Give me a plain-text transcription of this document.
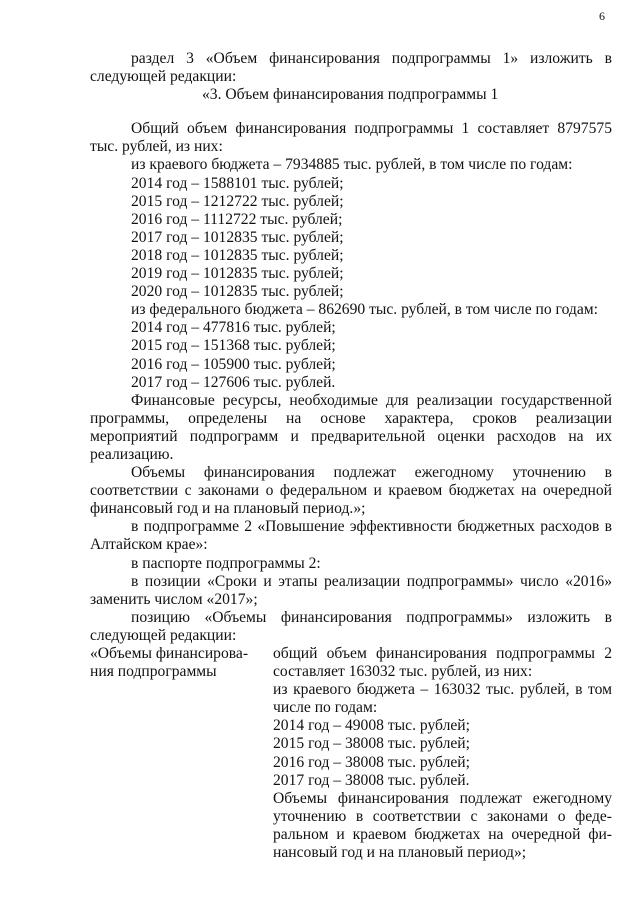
6

раздел 3 «Объем финансирования подпрограммы 1» изложить в следующей редакции:

«3. Объем финансирования подпрограммы 1

Общий объем финансирования подпрограммы 1 составляет 8797575 тыс. рублей, из них:

из краевого бюджета – 7934885 тыс. рублей, в том числе по годам:

2014 год – 1588101 тыс. рублей;

2015 год – 1212722 тыс. рублей;

2016 год – 1112722 тыс. рублей;

2017 год – 1012835 тыс. рублей;

2018 год – 1012835 тыс. рублей;

2019 год – 1012835 тыс. рублей;

2020 год – 1012835 тыс. рублей;

из федерального бюджета – 862690 тыс. рублей, в том числе по годам:

2014 год – 477816 тыс. рублей;

2015 год – 151368 тыс. рублей;

2016 год – 105900 тыс. рублей;

2017 год – 127606 тыс. рублей.

Финансовые ресурсы, необходимые для реализации государственной программы, определены на основе характера, сроков реализации мероприятий подпрограмм и предварительной оценки расходов на их реализацию.

Объемы финансирования подлежат ежегодному уточнению в соответствии с законами о федеральном и краевом бюджетах на очередной финансовый год и на плановый период.»;

в подпрограмме 2 «Повышение эффективности бюджетных расходов в Алтайском крае»:

в паспорте подпрограммы 2:

в позиции «Сроки и этапы реализации подпрограммы» число «2016» заменить числом «2017»;

позицию «Объемы финансирования подпрограммы» изложить в следующей редакции:

«Объемы финансирова-
ния подпрограммы

общий объем финансирования подпрограммы 2 составляет 163032 тыс. рублей, из них:

из краевого бюджета – 163032 тыс. рублей, в том числе по годам:

2014 год – 49008 тыс. рублей;

2015 год – 38008 тыс. рублей;

2016 год – 38008 тыс. рублей;

2017 год – 38008 тыс. рублей.

Объемы финансирования подлежат ежегодному уточнению в соответствии с законами о феде-ральном и краевом бюджетах на очередной фи-нансовый год и на плановый период»;
